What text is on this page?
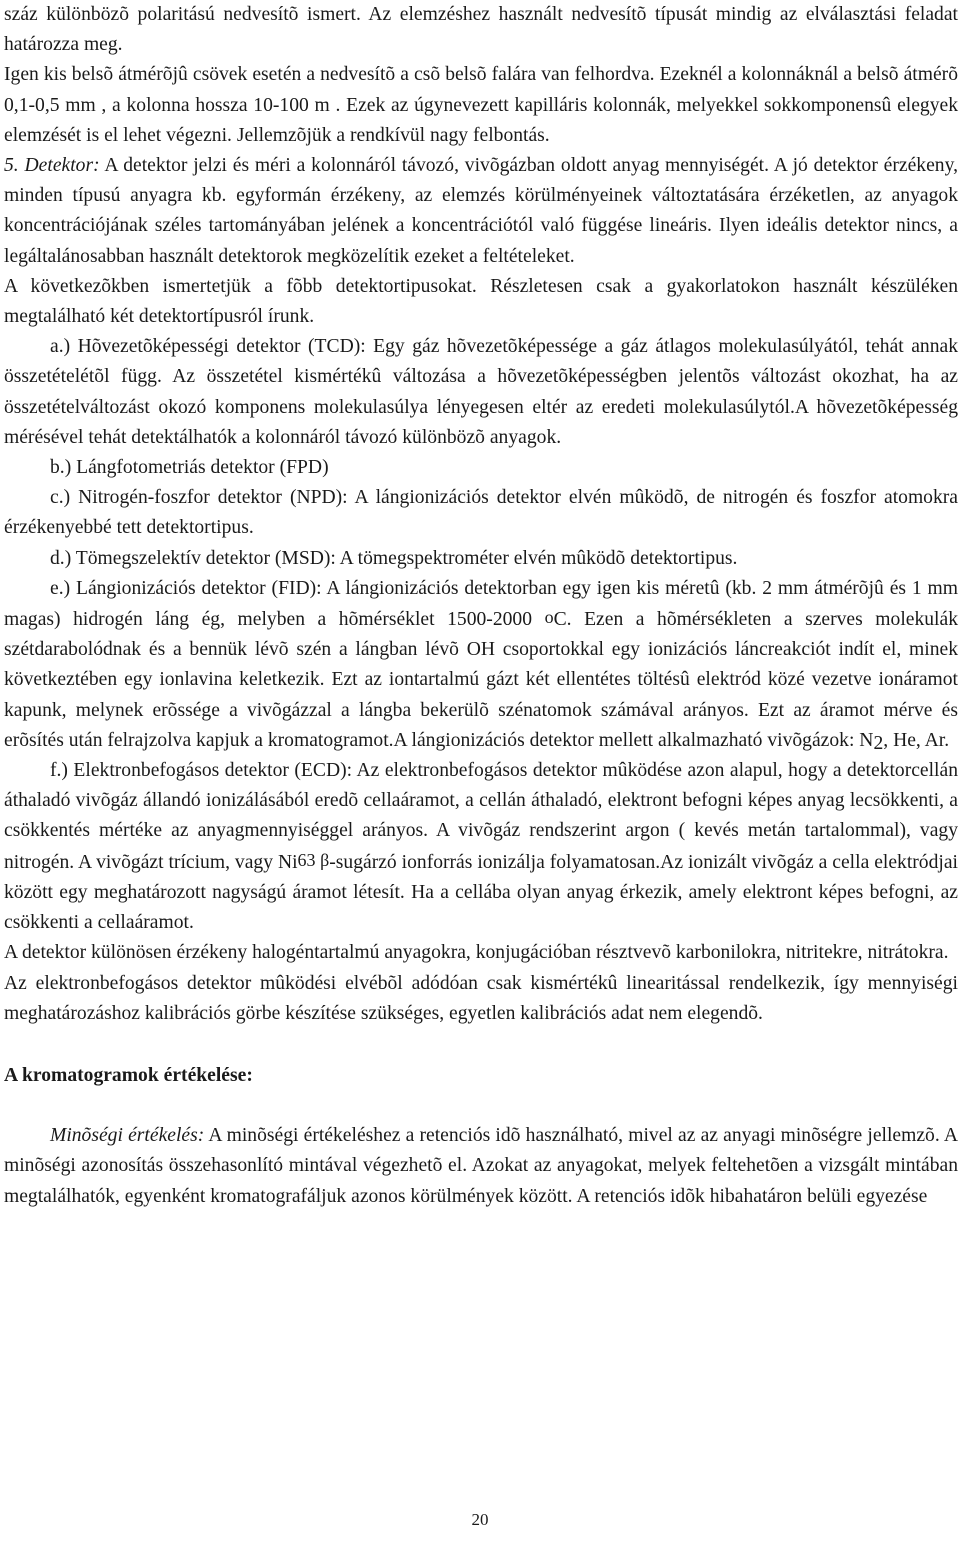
száz különbözõ polaritású nedvesítõ ismert. Az elemzéshez használt nedvesítõ típusát mindig az elválasztási feladat határozza meg.

Igen kis belsõ átmérõjû csövek esetén a nedvesítõ a csõ belsõ falára van felhordva. Ezeknél a kolonnáknál a belsõ átmérõ 0,1-0,5 mm , a kolonna hossza 10-100 m . Ezek az úgynevezett kapilláris kolonnák, melyekkel sokkomponensû elegyek elemzését is el lehet végezni. Jellemzõjük a rendkívül nagy felbontás.

5. Detektor: A detektor jelzi és méri a kolonnáról távozó, vivõgázban oldott anyag mennyiségét. A jó detektor érzékeny, minden típusú anyagra kb. egyformán érzékeny, az elemzés körülményeinek változtatására érzéketlen, az anyagok koncentrációjának széles tartományában jelének a koncentrációtól való függése lineáris. Ilyen ideális detektor nincs, a legáltalánosabban használt detektorok megközelítik ezeket a feltételeket.

A következõkben ismertetjük a fõbb detektortipusokat. Részletesen csak a gyakorlatokon használt készüléken megtalálható két detektortípusról írunk.

a.) Hõvezetõképességi detektor (TCD): Egy gáz hõvezetõképessége a gáz átlagos molekulasúlyától, tehát annak összetételétõl függ. Az összetétel kismértékû változása a hõvezetõképességben jelentõs változást okozhat, ha az összetételváltozást okozó komponens molekulasúlya lényegesen eltér az eredeti molekulasúlytól.A hõvezetõképesség mérésével tehát detektálhatók a kolonnáról távozó különbözõ anyagok.

b.) Lángfotometriás detektor (FPD)

c.) Nitrogén-foszfor detektor (NPD): A lángionizációs detektor elvén mûködõ, de nitrogén és foszfor atomokra érzékenyebbé tett detektortipus.

d.) Tömegszelektív detektor (MSD): A tömegspektrométer elvén mûködõ detektortipus.

e.) Lángionizációs detektor (FID): A lángionizációs detektorban egy igen kis méretû (kb. 2 mm átmérõjû és 1 mm magas) hidrogén láng ég, melyben a hõmérséklet 1500-2000 oC. Ezen a hõmérsékleten a szerves molekulák szétdarabolódnak és a bennük lévõ szén a lángban lévõ OH csoportokkal egy ionizációs láncreakciót indít el, minek következtében egy ionlavina keletkezik. Ezt az iontartalmú gázt két ellentétes töltésû elektród közé vezetve ionáramot kapunk, melynek erõssége a vivõgázzal a lángba bekerülõ szénatomok számával arányos. Ezt az áramot mérve és erõsítés után felrajzolva kapjuk a kromatogramot.A lángionizációs detektor mellett alkalmazható vivõgázok: N2, He, Ar.

f.) Elektronbefogásos detektor (ECD): Az elektronbefogásos detektor mûködése azon alapul, hogy a detektorcellán áthaladó vivõgáz állandó ionizálásából eredõ cellaáramot, a cellán áthaladó, elektront befogni képes anyag lecsökkenti, a csökkentés mértéke az anyagmennyiséggel arányos. A vivõgáz rendszerint argon ( kevés metán tartalommal), vagy nitrogén. A vivõgázt trícium, vagy Ni63 β-sugárzó ionforrás ionizálja folyamatosan.Az ionizált vivõgáz a cella elektródjai között egy meghatározott nagyságú áramot létesít. Ha a cellába olyan anyag érkezik, amely elektront képes befogni, az csökkenti a cellaáramot.

A detektor különösen érzékeny halogéntartalmú anyagokra, konjugációban résztvevõ karbonilokra, nitritekre, nitrátokra.

Az elektronbefogásos detektor mûködési elvébõl adódóan csak kismértékû linearitással rendelkezik, így mennyiségi meghatározáshoz kalibrációs görbe készítése szükséges, egyetlen kalibrációs adat nem elegendõ.

A kromatogramok értékelése:

Minõségi értékelés: A minõségi értékeléshez a retenciós idõ használható, mivel az az anyagi minõségre jellemzõ. A minõségi azonosítás összehasonlító mintával végezhetõ el. Azokat az anyagokat, melyek feltehetõen a vizsgált mintában megtalálhatók, egyenként kromatografáljuk azonos körülmények között. A retenciós idõk hibahatáron belüli egyezése

20
